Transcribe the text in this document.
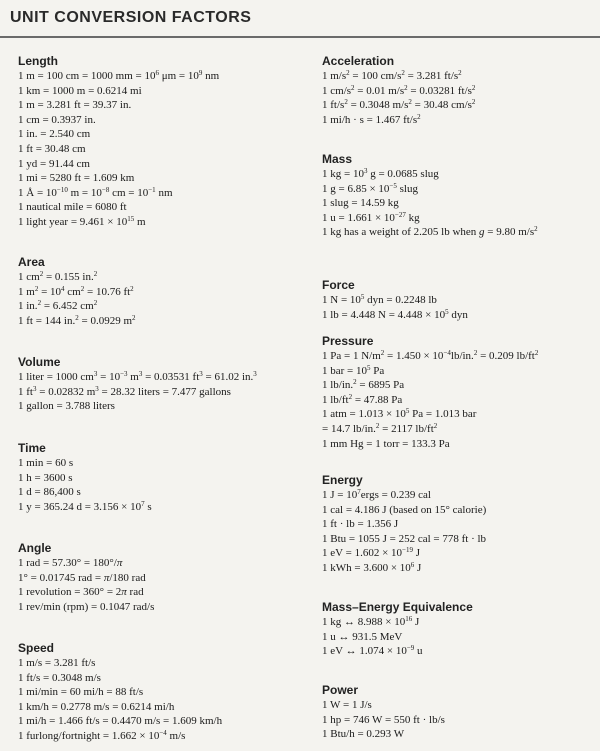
UNIT CONVERSION FACTORS
Length
1 m = 100 cm = 1000 mm = $10^6$ $\mu m = 10^9$ nm
1 km = 1000 m = 0.6214 mi
1 m = 3.281 ft = 39.37 in.
1 cm = 0.3937 in.
1 in. = 2.540 cm
1 ft = 30.48 cm
1 yd = 91.44 cm
1 mi = 5280 ft = 1.609 km
1 Å = $10^{-10}$ $m = 10^{-8}$ cm = $10^{-1}$ nm
1 nautical mile = 6080 ft
1 light year = $9.461 \times 10^{15}$ m
Area
1 $cm^2 = 0.155$ in.$^2$
1 $m^2 = 10^4$ $cm^2 = 10.76$ $ft^2$
1 in.$^2$ = 6.452 $cm^2$
1 ft = 144 in.$^2$ = 0.0929 $m^2$
Volume
1 liter = 1000 $cm^3 = 10^{-3}$ $m^3 = 0.03531$ $ft^3 = 61.02$ in.$^3$
1 $ft^3 = 0.02832$ $m^3 = 28.32$ liters = 7.477 gallons
1 gallon = 3.788 liters
Time
1 min = 60 s
1 h = 3600 s
1 d = 86,400 s
1 y = 365.24 $d = 3.156 \times 10^7$ s
Angle
1 rad = 57.30° = 180°/π
1° = 0.01745 rad = π/180 rad
1 revolution = 360° = 2π rad
1 rev/min (rpm) = 0.1047 rad/s
Speed
1 m/s = 3.281 ft/s
1 ft/s = 0.3048 m/s
1 mi/min = 60 mi/h = 88 ft/s
1 km/h = 0.2778 m/s = 0.6214 mi/h
1 mi/h = 1.466 ft/s = 0.4470 m/s = 1.609 km/h
1 furlong/fortnight = $1.662 \times 10^{-4}$ m/s
Acceleration
1 $m/s^2 = 100$ $cm/s^2 = 3.281$ $ft/s^2$
1 $cm/s^2 = 0.01$ $m/s^2 = 0.03281$ $ft/s^2$
1 $ft/s^2 = 0.3048$ $m/s^2 = 30.48$ $cm/s^2$
1 mi/h · s = 1.467 $ft/s^2$
Mass
1 kg = $10^3$ g = 0.0685 slug
1 $g = 6.85 \times 10^{-5}$ slug
1 slug = 14.59 kg
1 $u = 1.661 \times 10^{-27}$ kg
1 kg has a weight of 2.205 lb when g = 9.80 $m/s^2$
Force
1 $N = 10^5$ dyn = 0.2248 lb
1 lb = 4.448 $N = 4.448 \times 10^5$ dyn
Pressure
1 Pa = 1 $N/m^2 = 1.450 \times 10^{-4}lb/in.^2 = 0.209$ $lb/ft^2$
1 bar = $10^5$ Pa
1 lb/in.$^2$ = 6895 Pa
1 $lb/ft^2 = 47.88$ Pa
1 atm = $1.013 \times 10^5$ Pa = 1.013 bar
= 14.7 lb/in.$^2$ = 2117 $lb/ft^2$
1 mm Hg = 1 torr = 133.3 Pa
Energy
1 $J = 10^7ergs = 0.239$ cal
1 cal = 4.186 J (based on 15° calorie)
1 ft · lb = 1.356 J
1 Btu = 1055 J = 252 cal = 778 ft · lb
1 eV = $1.602 \times 10^{-19}$ J
1 kWh = $3.600 \times 10^6$ J
Mass–Energy Equivalence
1 kg ↔ $8.988 \times 10^{16}$ J
1 u ↔ 931.5 MeV
1 eV ↔ $1.074 \times 10^{-9}$ u
Power
1 W = 1 J/s
1 hp = 746 W = 550 ft · lb/s
1 Btu/h = 0.293 W
